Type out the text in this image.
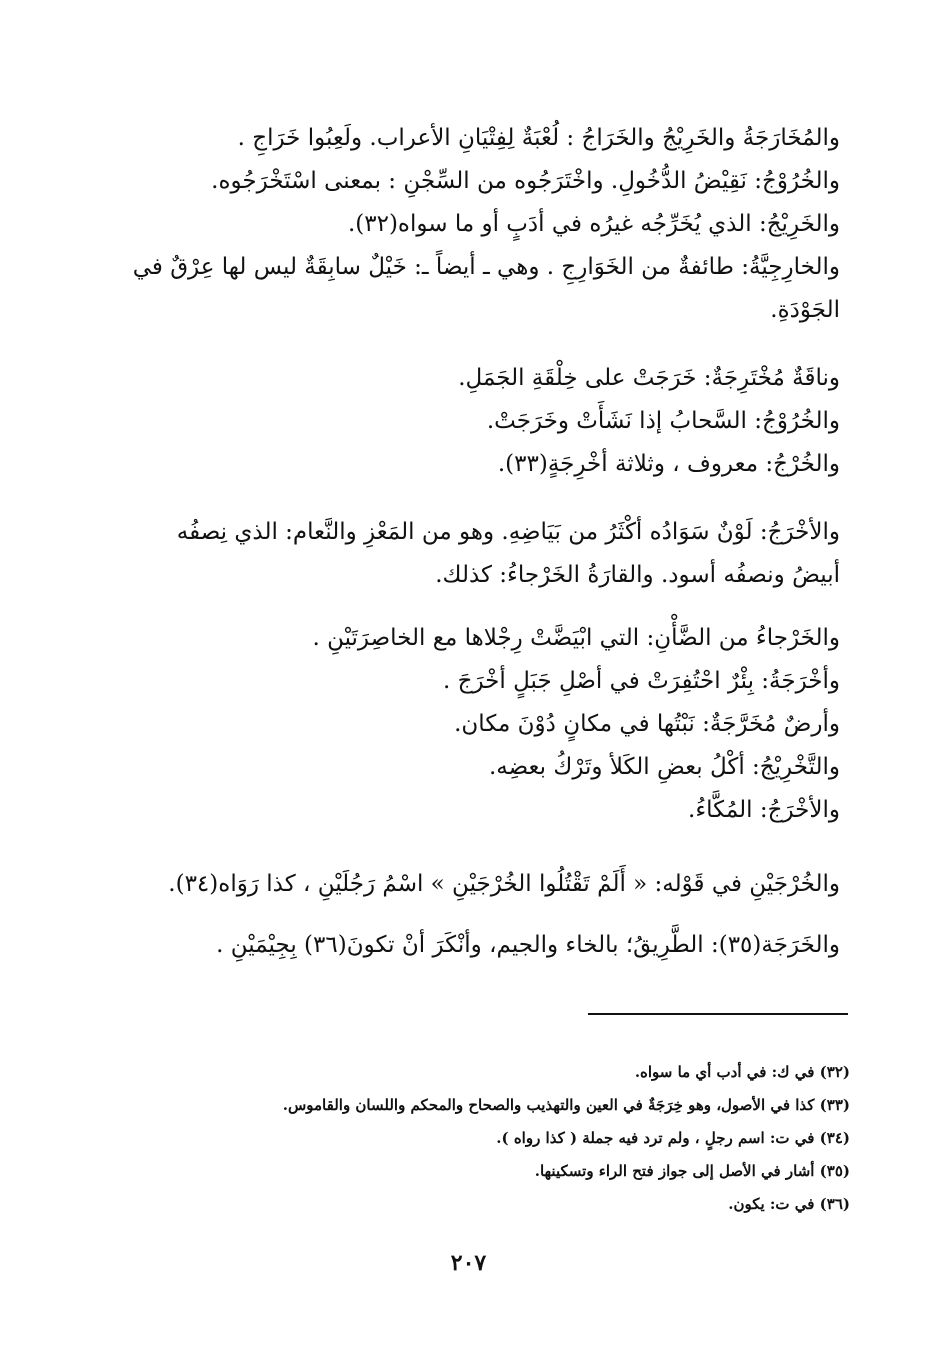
والمُخَارَجَةُ والخَرِيْجُ والخَرَاجُ : لُعْبَةٌ لِفِتْيَانِ الأعراب. ولَعِبُوا خَرَاجِ .
والخُرُوْجُ: نَقِيْضُ الدُّخُولِ. واخْتَرَجُوه من السِّجْنِ : بمعنى اسْتَخْرَجُوه.
والخَرِيْجُ: الذي يُخَرِّجُه غيرُه في أدَبٍ أو ما سواه(٣٢).
والخارِجِيَّةُ: طائفةٌ من الخَوَارِجِ . وهي ـ أيضاً ـ: خَيْلٌ سابِقَةٌ ليس لها عِرْقٌ في الجَوْدَةِ.
وناقَةٌ مُخْتَرِجَةٌ: خَرَجَتْ على خِلْقَةِ الجَمَلِ.
والخُرُوْجُ: السَّحابُ إذا نَشَأَتْ وخَرَجَتْ.
والخُرْجُ: معروف ، وثلاثة أخْرِجَةٍ(٣٣).
والأخْرَجُ: لَوْنٌ سَوَادُه أكْثَرُ من بَيَاضِهِ. وهو من المَعْزِ والنَّعام: الذي نِصفُه أبيضُ ونصفُه أسود. والقارَةُ الخَرْجاءُ: كذلك.
والخَرْجاءُ من الضَّأْنِ: التي ابْيَضَّتْ رِجْلاها مع الخاصِرَتَيْنِ .
وأخْرَجَةُ: بِئْرٌ احْتُفِرَتْ في أصْلِ جَبَلٍ أخْرَجَ .
وأرضٌ مُخَرَّجَةٌ: نَبْتُها في مكانٍ دُوْنَ مكان.
والتَّخْرِيْجُ: أكْلُ بعضِ الكَلأ وتَرْكُ بعضِه.
والأخْرَجُ: المُكَّاءُ.
والخُرْجَيْنِ في قَوْله: « أَلَمْ تَقْتُلُوا الخُرْجَيْنِ » اسْمُ رَجُلَيْنِ ، كذا رَوَاه(٣٤).
والخَرَجَة(٣٥): الطَّرِيقُ؛ بالخاء والجيم، وأنْكَرَ أنْ تكونَ(٣٦) بِجِيْمَيْنِ .
(٣٢) في ك: في أدب أي ما سواه.
(٣٣) كذا في الأصول، وهو خِرَجَةٌ في العين والتهذيب والصحاح والمحكم واللسان والقاموس.
(٣٤) في ت: اسم رجلٍ ، ولم ترد فيه جملة ( كذا رواه ).
(٣٥) أشار في الأصل إلى جواز فتح الراء وتسكينها.
(٣٦) في ت: يكون.
٢٠٧
